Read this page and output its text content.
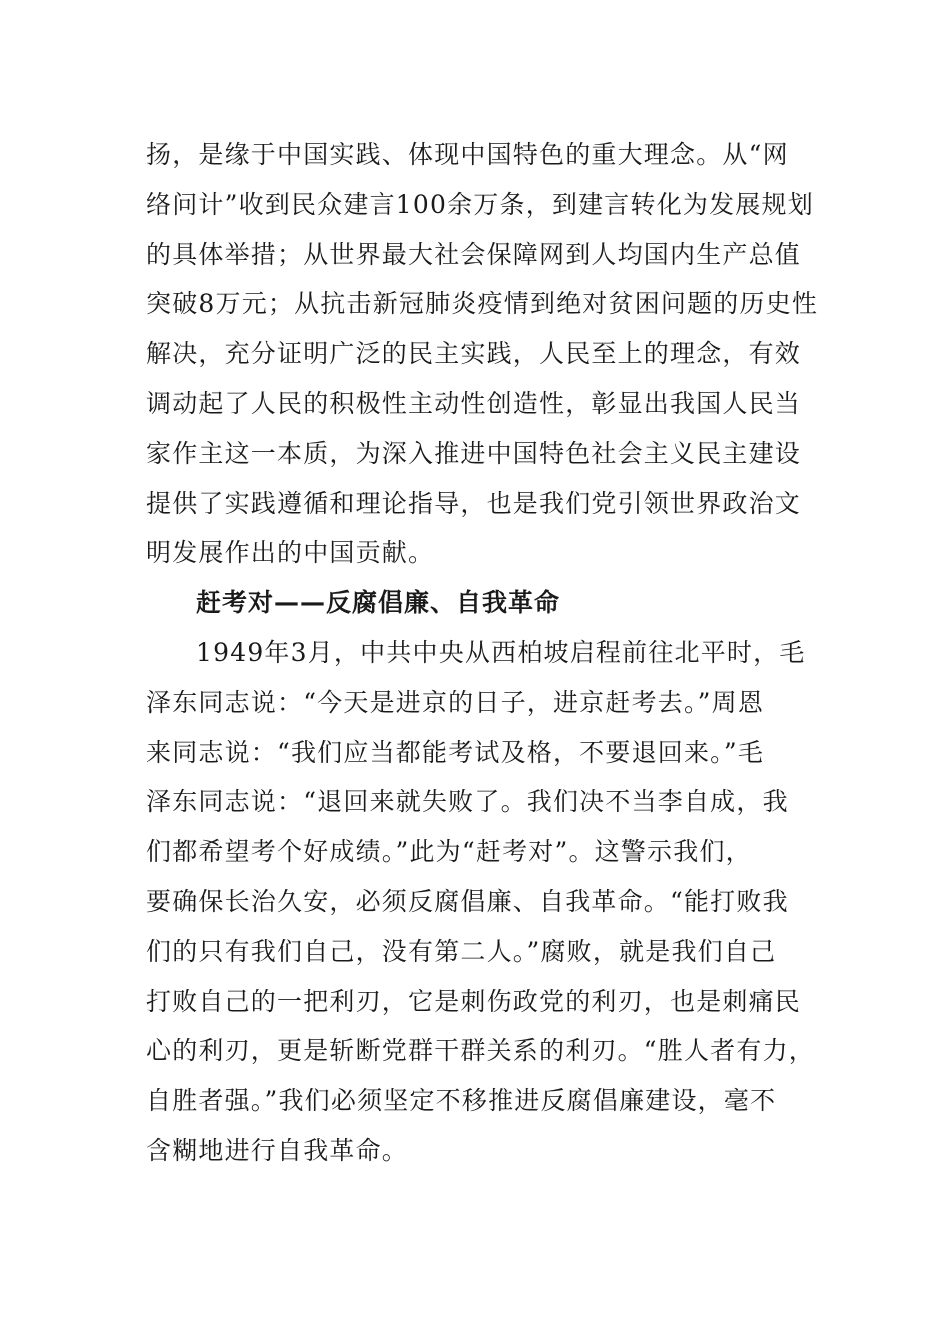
扬，是缘于中国实践、体现中国特色的重大理念。从“网
络问计”收到民众建言100余万条，到建言转化为发展规划
的具体举措；从世界最大社会保障网到人均国内生产总值
突破8万元；从抗击新冠肺炎疫情到绝对贫困问题的历史性
解决，充分证明广泛的民主实践，人民至上的理念，有效
调动起了人民的积极性主动性创造性，彰显出我国人民当
家作主这一本质，为深入推进中国特色社会主义民主建设
提供了实践遵循和理论指导，也是我们党引领世界政治文
明发展作出的中国贡献。
赶考对——反腐倡廉、自我革命
1949年3月，中共中央从西柏坡启程前往北平时，毛
泽东同志说：“今天是进京的日子，进京赶考去。”周恩
来同志说：“我们应当都能考试及格，不要退回来。”毛
泽东同志说：“退回来就失败了。我们决不当李自成，我
们都希望考个好成绩。”此为“赶考对”。这警示我们，
要确保长治久安，必须反腐倡廉、自我革命。“能打败我
们的只有我们自己，没有第二人。”腐败，就是我们自己
打败自己的一把利刃，它是刺伤政党的利刃，也是刺痛民
心的利刃，更是斩断党群干群关系的利刃。“胜人者有力，
自胜者强。”我们必须坚定不移推进反腐倡廉建设，毫不
含糊地进行自我革命。
